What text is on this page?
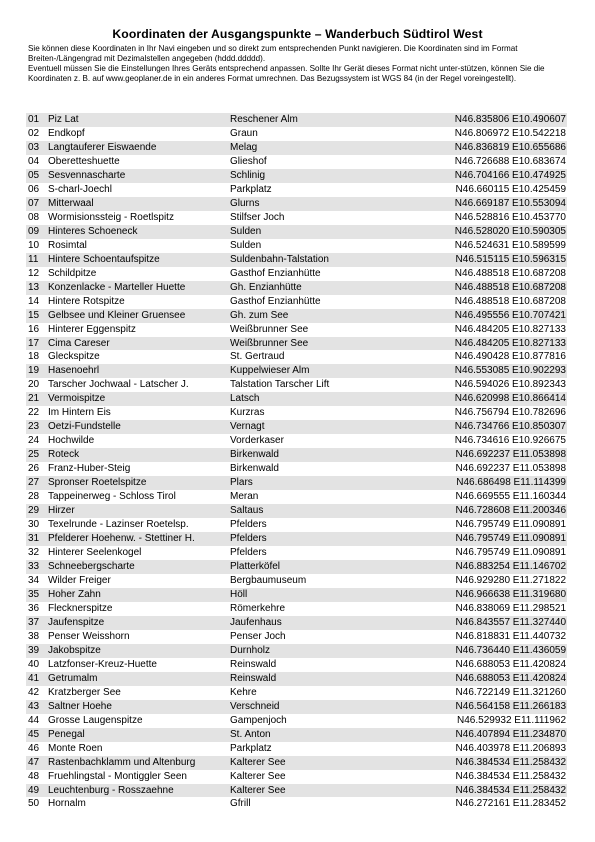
Koordinaten der Ausgangspunkte – Wanderbuch Südtirol West

Sie können diese Koordinaten in Ihr Navi eingeben und so direkt zum entsprechenden Punkt navigieren. Die Koordinaten sind im Format Breiten-/Längengrad mit Dezimalstellen angegeben (hddd.ddddd).

Eventuell müssen Sie die Einstellungen Ihres Geräts entsprechend anpassen. Sollte Ihr Gerät dieses Format nicht unter-stützen, können Sie die Koordinaten z. B. auf www.geoplaner.de in ein anderes Format umrechnen. Das Bezugssystem ist WGS 84 (in der Regel voreingestellt).

01 Piz Lat	Reschener Alm	N46.835806 E10.490607
02 Endkopf	Graun	N46.806972 E10.542218
03 Langtauferer Eiswaende	Melag	N46.836819 E10.655686
04 Oberetteshuette	Glieshof	N46.726688 E10.683674
05 Sesvennascharte	Schlinig	N46.704166 E10.474925
06 S-charl-Joechl	Parkplatz	N46.660115 E10.425459
07 Mitterwaal	Glurns	N46.669187 E10.553094
08 Wormisionssteig - Roetlspitz	Stilfser Joch	N46.528816 E10.453770
09 Hinteres Schoeneck	Sulden	N46.528020 E10.590305
10 Rosimtal	Sulden	N46.524631 E10.589599
11 Hintere Schoentaufspitze	Suldenbahn-Talstation	N46.515115 E10.596315
12 Schildpitze	Gasthof Enzianhütte	N46.488518 E10.687208
13 Konzenlacke - Marteller Huette	Gh. Enzianhütte	N46.488518 E10.687208
14 Hintere Rotspitze	Gasthof Enzianhütte	N46.488518 E10.687208
15 Gelbsee und Kleiner Gruensee	Gh. zum See	N46.495556 E10.707421
16 Hinterer Eggenspitz	Weißbrunner See	N46.484205 E10.827133
17 Cima Careser	Weißbrunner See	N46.484205 E10.827133
18 Gleckspitze	St. Gertraud	N46.490428 E10.877816
19 Hasenoehrl	Kuppelwieser Alm	N46.553085 E10.902293
20 Tarscher Jochwaal - Latscher J.	Talstation Tarscher Lift	N46.594026 E10.892343
21 Vermoispitze	Latsch	N46.620998 E10.866414
22 Im Hintern Eis	Kurzras	N46.756794 E10.782696
23 Oetzi-Fundstelle	Vernagt	N46.734766 E10.850307
24 Hochwilde	Vorderkaser	N46.734616 E10.926675
25 Roteck	Birkenwald	N46.692237 E11.053898
26 Franz-Huber-Steig	Birkenwald	N46.692237 E11.053898
27 Spronser Roetelspitze	Plars	N46.686498 E11.114399
28 Tappeinerweg - Schloss Tirol	Meran	N46.669555 E11.160344
29 Hirzer	Saltaus	N46.728608 E11.200346
30 Texelrunde - Lazinser Roetelsp.	Pfelders	N46.795749 E11.090891
31 Pfelderer Hoehenw. - Stettiner H.	Pfelders	N46.795749 E11.090891
32 Hinterer Seelenkogel	Pfelders	N46.795749 E11.090891
33 Schneebergscharte	Platterköfel	N46.883254 E11.146702
34 Wilder Freiger	Bergbaumuseum	N46.929280 E11.271822
35 Hoher Zahn	Höll	N46.966638 E11.319680
36 Flecknerspitze	Römerkehre	N46.838069 E11.298521
37 Jaufenspitze	Jaufenhaus	N46.843557 E11.327440
38 Penser Weisshorn	Penser Joch	N46.818831 E11.440732
39 Jakobspitze	Durnholz	N46.736440 E11.436059
40 Latzfonser-Kreuz-Huette	Reinswald	N46.688053 E11.420824
41 Getrumalm	Reinswald	N46.688053 E11.420824
42 Kratzberger See	Kehre	N46.722149 E11.321260
43 Saltner Hoehe	Verschneid	N46.564158 E11.266183
44 Grosse Laugenspitze	Gampenjoch	N46.529932 E11.111962
45 Penegal	St. Anton	N46.407894 E11.234870
46 Monte Roen	Parkplatz	N46.403978 E11.206893
47 Rastenbachklamm und Altenburg	Kalterer See	N46.384534 E11.258432
48 Fruehlingstal - Montiggler Seen	Kalterer See	N46.384534 E11.258432
49 Leuchtenburg - Rosszaehne	Kalterer See	N46.384534 E11.258432
50 Hornalm	Gfrill	N46.272161 E11.283452
